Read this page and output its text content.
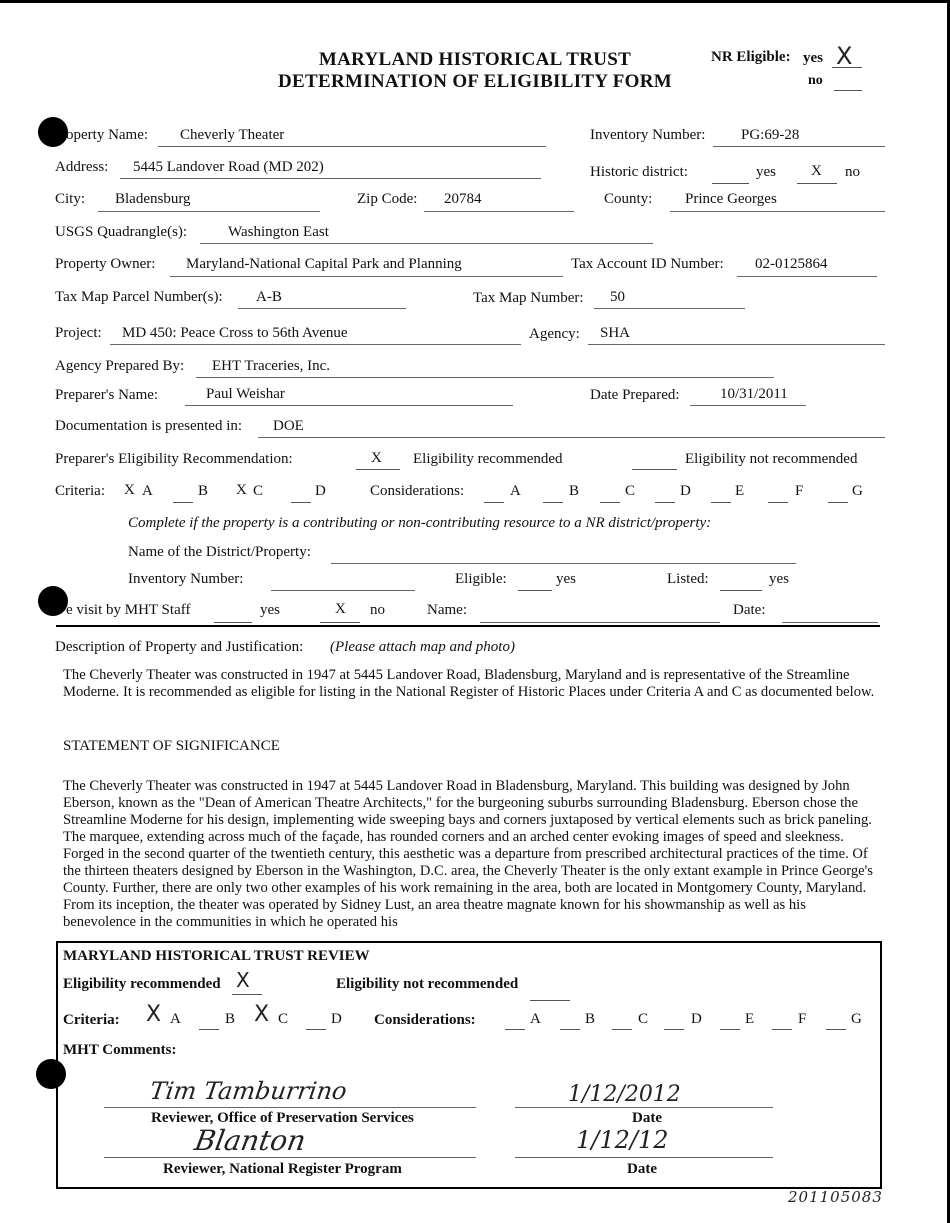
MARYLAND HISTORICAL TRUST
DETERMINATION OF ELIGIBILITY FORM
NR Eligible: yes X
no
operty Name: Cheverly Theater	Inventory Number: PG:69-28
Address: 5445 Landover Road (MD 202)	Historic district:	yes X no
City: Bladensburg	Zip Code: 20784	County: Prince Georges
USGS Quadrangle(s):	Washington East
Property Owner: Maryland-National Capital Park and Planning	Tax Account ID Number: 02-0125864
Tax Map Parcel Number(s): A-B	Tax Map Number: 50
Project: MD 450: Peace Cross to 56th Avenue	Agency: SHA
Agency Prepared By: EHT Traceries, Inc.
Preparer's Name:	Paul Weishar	Date Prepared:	10/31/2011
Documentation is presented in: DOE
Preparer's Eligibility Recommendation:	X Eligibility recommended	Eligibility not recommended
Criteria: X A	B X C	D	Considerations:	A	B	C	D	E	F	G
Complete if the property is a contributing or non-contributing resource to a NR district/property:
Name of the District/Property:
Inventory Number:	Eligible:	yes	Listed:	yes
e visit by MHT Staff	yes	X no	Name:	Date:
Description of Property and Justification: (Please attach map and photo)
The Cheverly Theater was constructed in 1947 at 5445 Landover Road, Bladensburg, Maryland and is representative of the Streamline Moderne. It is recommended as eligible for listing in the National Register of Historic Places under Criteria A and C as documented below.
STATEMENT OF SIGNIFICANCE
The Cheverly Theater was constructed in 1947 at 5445 Landover Road in Bladensburg, Maryland. This building was designed by John Eberson, known as the "Dean of American Theatre Architects," for the burgeoning suburbs surrounding Bladensburg. Eberson chose the Streamline Moderne for his design, implementing wide sweeping bays and corners juxtaposed by vertical elements such as brick paneling. The marquee, extending across much of the façade, has rounded corners and an arched center evoking images of speed and sleekness. Forged in the second quarter of the twentieth century, this aesthetic was a departure from prescribed architectural practices of the time. Of the thirteen theaters designed by Eberson in the Washington, D.C. area, the Cheverly Theater is the only extant example in Prince George's County. Further, there are only two other examples of his work remaining in the area, both are located in Montgomery County, Maryland. From its inception, the theater was operated by Sidney Lust, an area theatre magnate known for his showmanship as well as his benevolence in the communities in which he operated his
MARYLAND HISTORICAL TRUST REVIEW
Eligibility recommended X	Eligibility not recommended
Criteria: X A	B X C	D Considerations:	A	B	C	D	E	F	G
MHT Comments:
Tim Tamburrino	1/12/2012
Reviewer, Office of Preservation Services	Date
Blanton	1/12/12
Reviewer, National Register Program	Date
201105083
